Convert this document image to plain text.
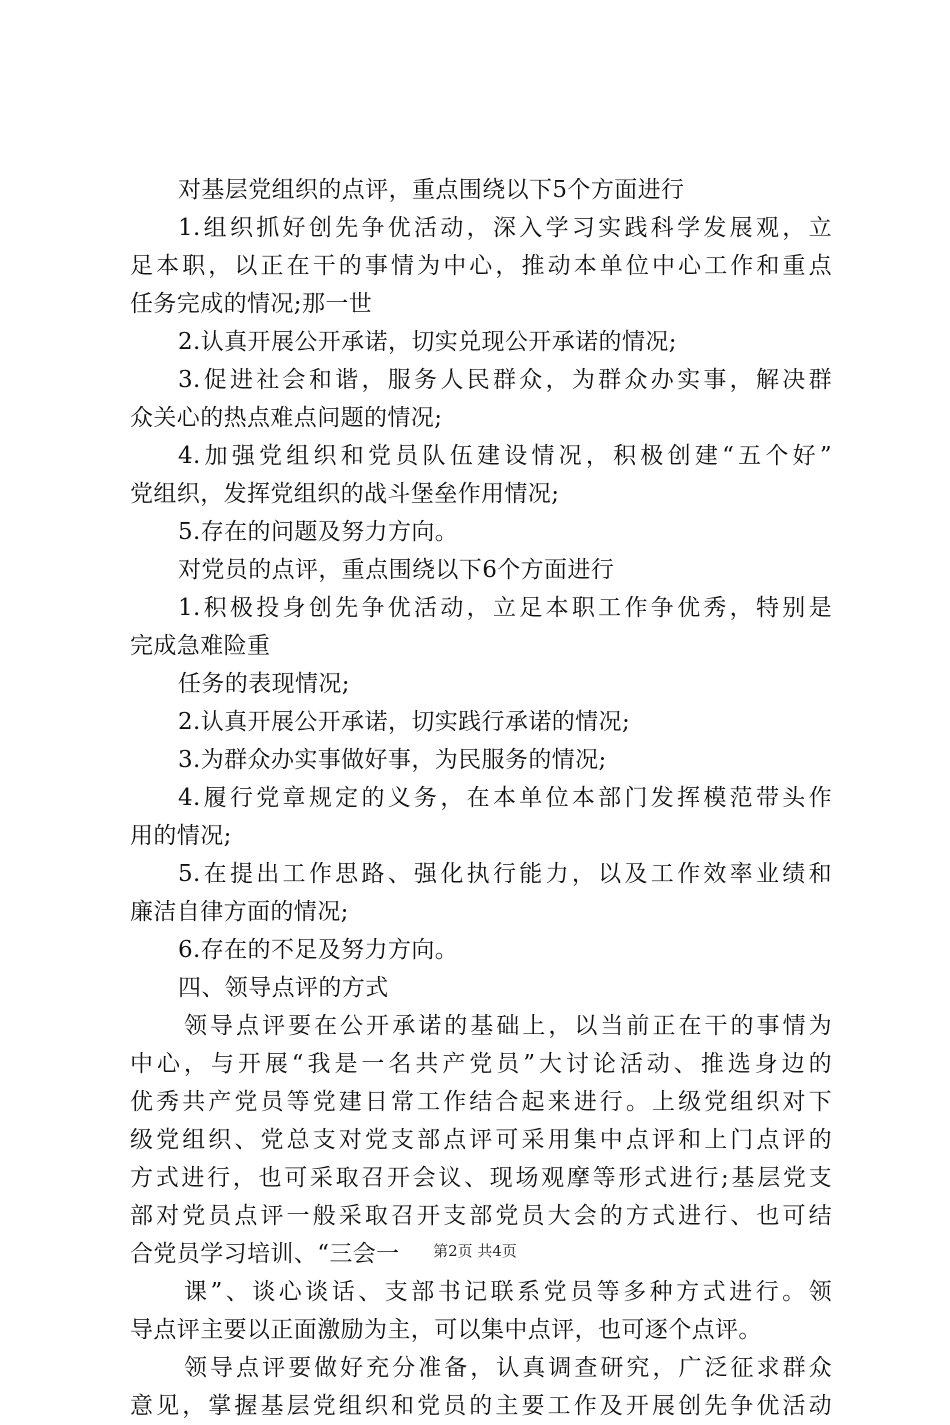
对基层党组织的点评，重点围绕以下5个方面进行
1.组织抓好创先争优活动，深入学习实践科学发展观，立
足本职，以正在干的事情为中心，推动本单位中心工作和重点
任务完成的情况;那一世
2.认真开展公开承诺，切实兑现公开承诺的情况;
3.促进社会和谐，服务人民群众，为群众办实事，解决群
众关心的热点难点问题的情况;
4.加强党组织和党员队伍建设情况，积极创建“五个好”
党组织，发挥党组织的战斗堡垒作用情况;
5.存在的问题及努力方向。
对党员的点评，重点围绕以下6个方面进行
1.积极投身创先争优活动，立足本职工作争优秀，特别是
完成急难险重
任务的表现情况;
2.认真开展公开承诺，切实践行承诺的情况;
3.为群众办实事做好事，为民服务的情况;
4.履行党章规定的义务，在本单位本部门发挥模范带头作
用的情况;
5.在提出工作思路、强化执行能力，以及工作效率业绩和
廉洁自律方面的情况;
6.存在的不足及努力方向。
四、领导点评的方式
领导点评要在公开承诺的基础上，以当前正在干的事情为
中心，与开展“我是一名共产党员”大讨论活动、推选身边的
优秀共产党员等党建日常工作结合起来进行。上级党组织对下
级党组织、党总支对党支部点评可采用集中点评和上门点评的
方式进行，也可采取召开会议、现场观摩等形式进行;基层党支
部对党员点评一般采取召开支部党员大会的方式进行、也可结
合党员学习培训、“三会一
课”、谈心谈话、支部书记联系党员等多种方式进行。领
导点评主要以正面激励为主，可以集中点评，也可逐个点评。
领导点评要做好充分准备，认真调查研究，广泛征求群众
意见，掌握基层党组织和党员的主要工作及开展创先争优活动
第2页 共4页
